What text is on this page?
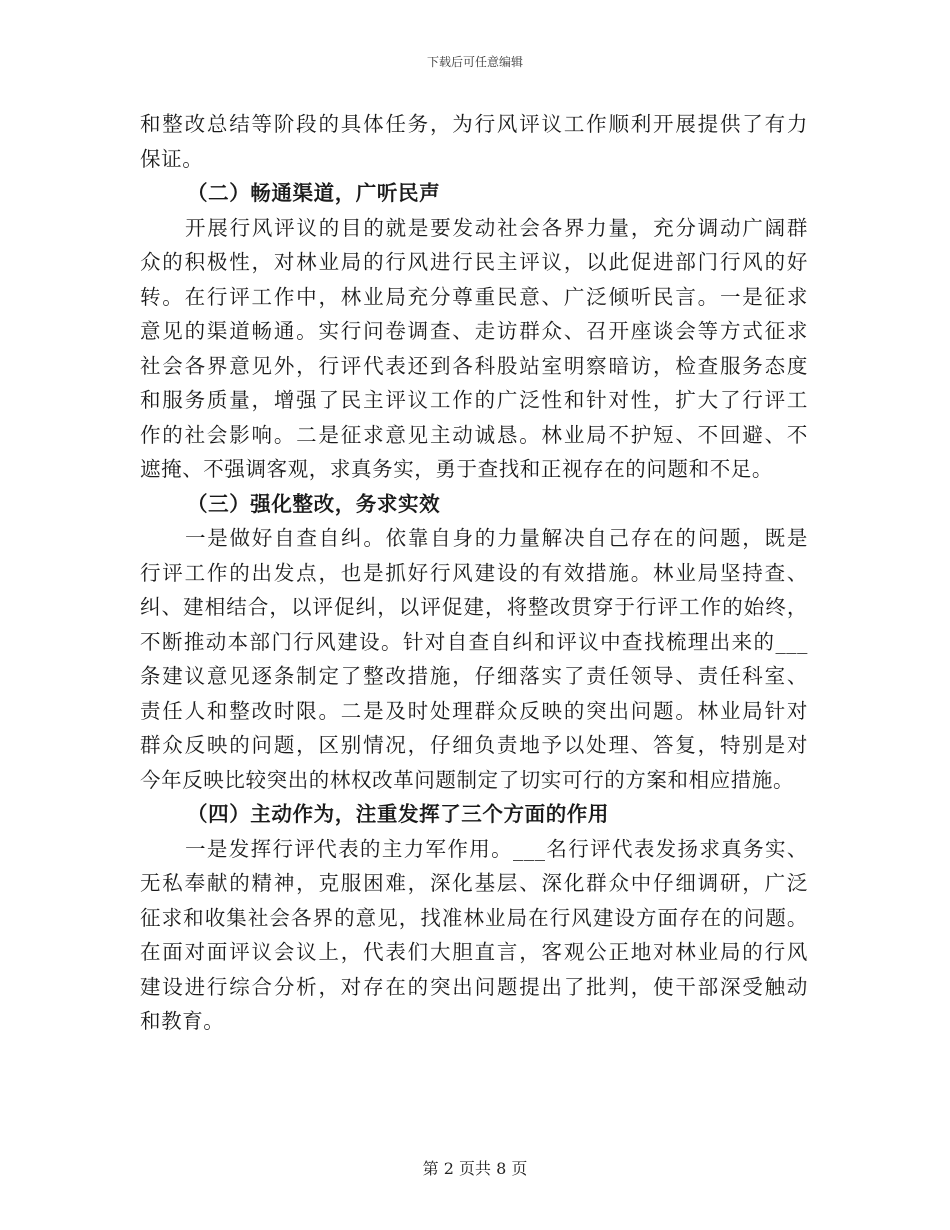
下载后可任意编辑
和整改总结等阶段的具体任务，为行风评议工作顺利开展提供了有力
保证。
（二）畅通渠道，广听民声
开展行风评议的目的就是要发动社会各界力量，充分调动广阔群
众的积极性，对林业局的行风进行民主评议，以此促进部门行风的好
转。在行评工作中，林业局充分尊重民意、广泛倾听民言。一是征求
意见的渠道畅通。实行问卷调查、走访群众、召开座谈会等方式征求
社会各界意见外，行评代表还到各科股站室明察暗访，检查服务态度
和服务质量，增强了民主评议工作的广泛性和针对性，扩大了行评工
作的社会影响。二是征求意见主动诚恳。林业局不护短、不回避、不
遮掩、不强调客观，求真务实，勇于查找和正视存在的问题和不足。
（三）强化整改，务求实效
一是做好自查自纠。依靠自身的力量解决自己存在的问题，既是
行评工作的出发点，也是抓好行风建设的有效措施。林业局坚持查、
纠、建相结合，以评促纠，以评促建，将整改贯穿于行评工作的始终，
不断推动本部门行风建设。针对自查自纠和评议中查找梳理出来的___
条建议意见逐条制定了整改措施，仔细落实了责任领导、责任科室、
责任人和整改时限。二是及时处理群众反映的突出问题。林业局针对
群众反映的问题，区别情况，仔细负责地予以处理、答复，特别是对
今年反映比较突出的林权改革问题制定了切实可行的方案和相应措施。
（四）主动作为，注重发挥了三个方面的作用
一是发挥行评代表的主力军作用。___名行评代表发扬求真务实、
无私奉献的精神，克服困难，深化基层、深化群众中仔细调研，广泛
征求和收集社会各界的意见，找准林业局在行风建设方面存在的问题。
在面对面评议会议上，代表们大胆直言，客观公正地对林业局的行风
建设进行综合分析，对存在的突出问题提出了批判，使干部深受触动
和教育。
第 2 页共 8 页
